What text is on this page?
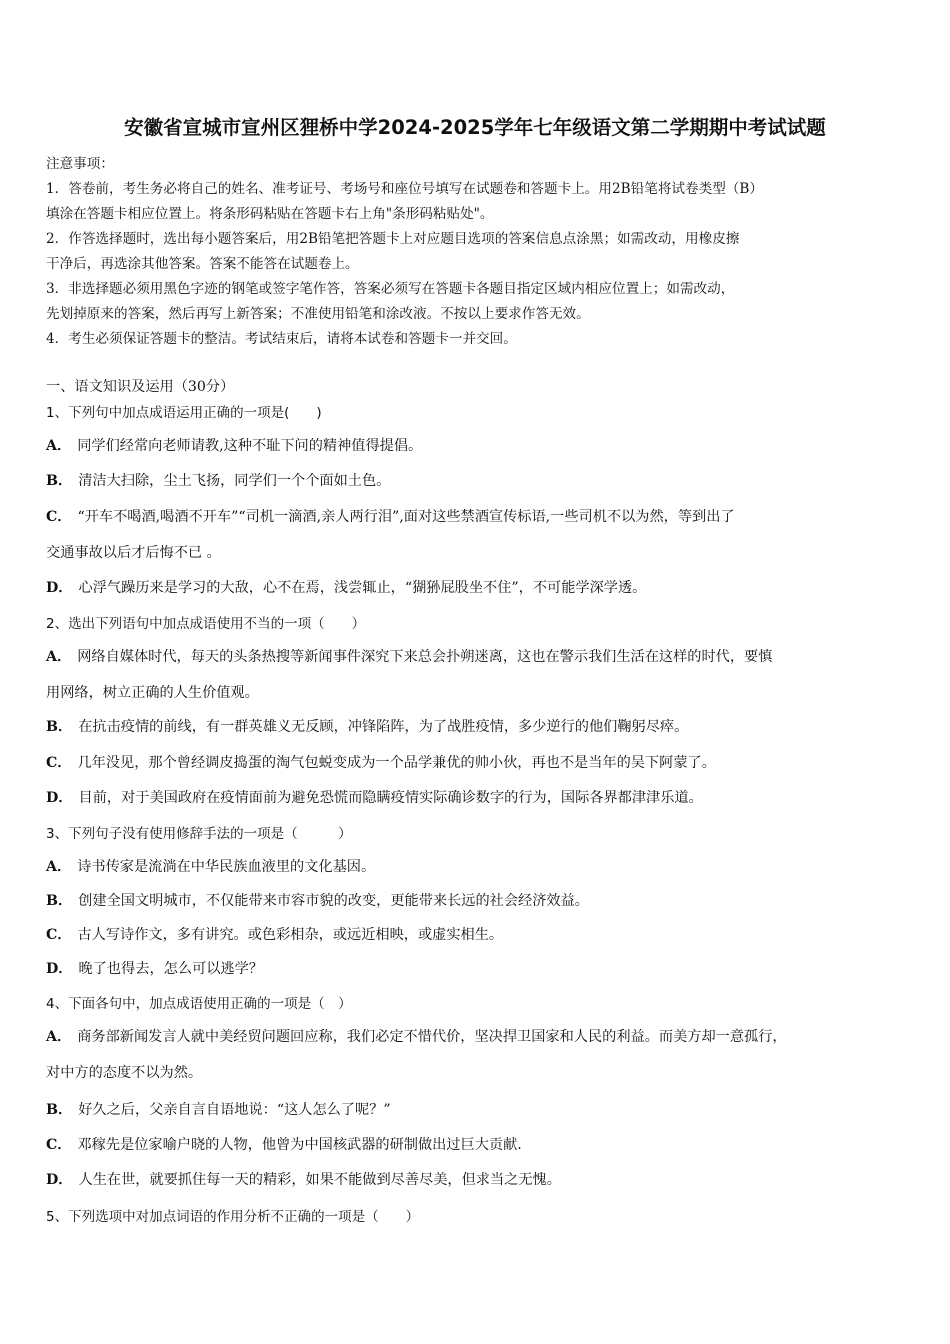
安徽省宣城市宣州区狸桥中学2024-2025学年七年级语文第二学期期中考试试题
注意事项：
1．答卷前，考生务必将自己的姓名、准考证号、考场号和座位号填写在试题卷和答题卡上。用2B铅笔将试卷类型（B）
填涂在答题卡相应位置上。将条形码粘贴在答题卡右上角"条形码粘贴处"。
2．作答选择题时，选出每小题答案后，用2B铅笔把答题卡上对应题目选项的答案信息点涂黑；如需改动，用橡皮擦
干净后，再选涂其他答案。答案不能答在试题卷上。
3．非选择题必须用黑色字迹的钢笔或签字笔作答，答案必须写在答题卡各题目指定区域内相应位置上；如需改动，
先划掉原来的答案，然后再写上新答案；不准使用铅笔和涂改液。不按以上要求作答无效。
4．考生必须保证答题卡的整洁。考试结束后，请将本试卷和答题卡一并交回。
一、语文知识及运用（30分）
1、下列句中加点成语运用正确的一项是(　　)
A． 同学们经常向老师请教,这种不耻下问的精神值得提倡。
B． 清洁大扫除，尘土飞扬，同学们一个个面如土色。
C． “开车不喝酒,喝酒不开车”“司机一滴酒,亲人两行泪”,面对这些禁酒宣传标语,一些司机不以为然，等到出了
交通事故以后才后悔不已 。
D． 心浮气躁历来是学习的大敌，心不在焉，浅尝辄止，“猢狲屁股坐不住”，不可能学深学透。
2、选出下列语句中加点成语使用不当的一项（　　）
A． 网络自媒体时代，每天的头条热搜等新闻事件深究下来总会扑朔迷离，这也在警示我们生活在这样的时代，要慎
用网络，树立正确的人生价值观。
B． 在抗击疫情的前线，有一群英雄义无反顾，冲锋陷阵，为了战胜疫情，多少逆行的他们鞠躬尽瘁。
C． 几年没见，那个曾经调皮捣蛋的淘气包蜕变成为一个品学兼优的帅小伙，再也不是当年的吴下阿蒙了。
D． 目前，对于美国政府在疫情面前为避免恐慌而隐瞒疫情实际确诊数字的行为，国际各界都津津乐道。
3、下列句子没有使用修辞手法的一项是（　　　）
A． 诗书传家是流淌在中华民族血液里的文化基因。
B． 创建全国文明城市，不仅能带来市容市貌的改变，更能带来长远的社会经济效益。
C． 古人写诗作文，多有讲究。或色彩相杂，或远近相映，或虚实相生。
D． 晚了也得去，怎么可以逃学？
4、下面各句中，加点成语使用正确的一项是（　）
A． 商务部新闻发言人就中美经贸问题回应称，我们必定不惜代价，坚决捍卫国家和人民的利益。而美方却一意孤行，
对中方的态度不以为然。
B． 好久之后，父亲自言自语地说：“这人怎么了呢？”
C． 邓稼先是位家喻户晓的人物，他曾为中国核武器的研制做出过巨大贡献.
D． 人生在世，就要抓住每一天的精彩，如果不能做到尽善尽美，但求当之无愧。
5、下列选项中对加点词语的作用分析不正确的一项是（　　）
